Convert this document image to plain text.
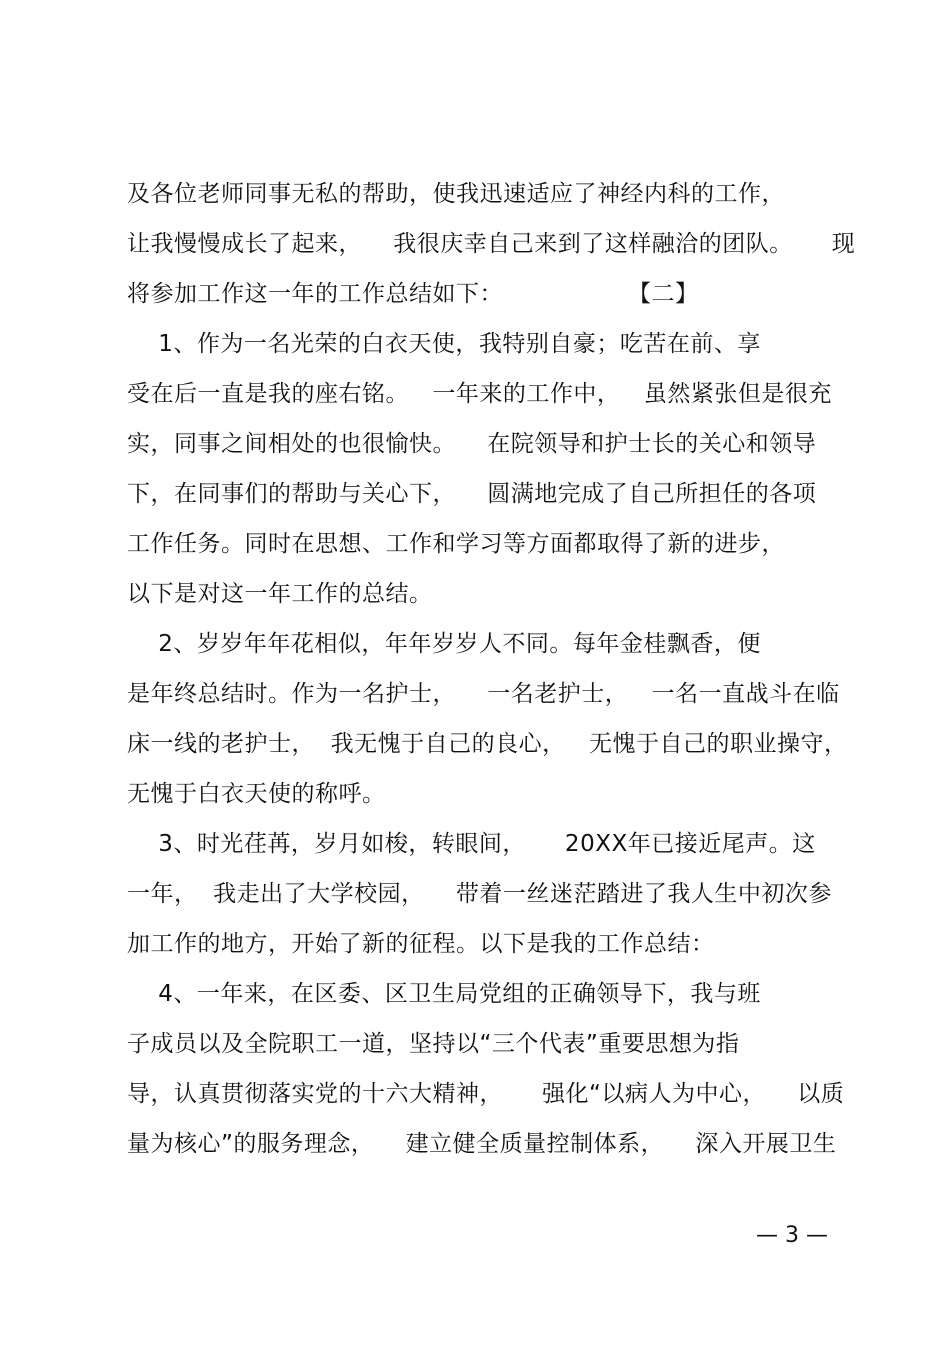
及各位老师同事无私的帮助，使我迅速适应了神经内科的工作，
让我慢慢成长了起来，    我很庆幸自己来到了这样融洽的团队。     现
将参加工作这一年的工作总结如下：                【二】
1、作为一名光荣的白衣天使，我特别自豪；吃苦在前、享
受在后一直是我的座右铭。   一年来的工作中，   虽然紧张但是很充
实，同事之间相处的也很愉快。    在院领导和护士长的关心和领导
下，在同事们的帮助与关心下，    圆满地完成了自己所担任的各项
工作任务。同时在思想、工作和学习等方面都取得了新的进步，
以下是对这一年工作的总结。
2、岁岁年年花相似，年年岁岁人不同。每年金桂飘香，便
是年终总结时。作为一名护士，    一名老护士，   一名一直战斗在临
床一线的老护士，  我无愧于自己的良心，   无愧于自己的职业操守，
无愧于白衣天使的称呼。
3、时光荏苒，岁月如梭，转眼间，     20XX年已接近尾声。这
一年，  我走出了大学校园，    带着一丝迷茫踏进了我人生中初次参
加工作的地方，开始了新的征程。以下是我的工作总结：
4、一年来，在区委、区卫生局党组的正确领导下，我与班
子成员以及全院职工一道，坚持以“三个代表”重要思想为指
导，认真贯彻落实党的十六大精神，     强化“以病人为中心，    以质
量为核心”的服务理念，    建立健全质量控制体系，    深入开展卫生
— 3 —
